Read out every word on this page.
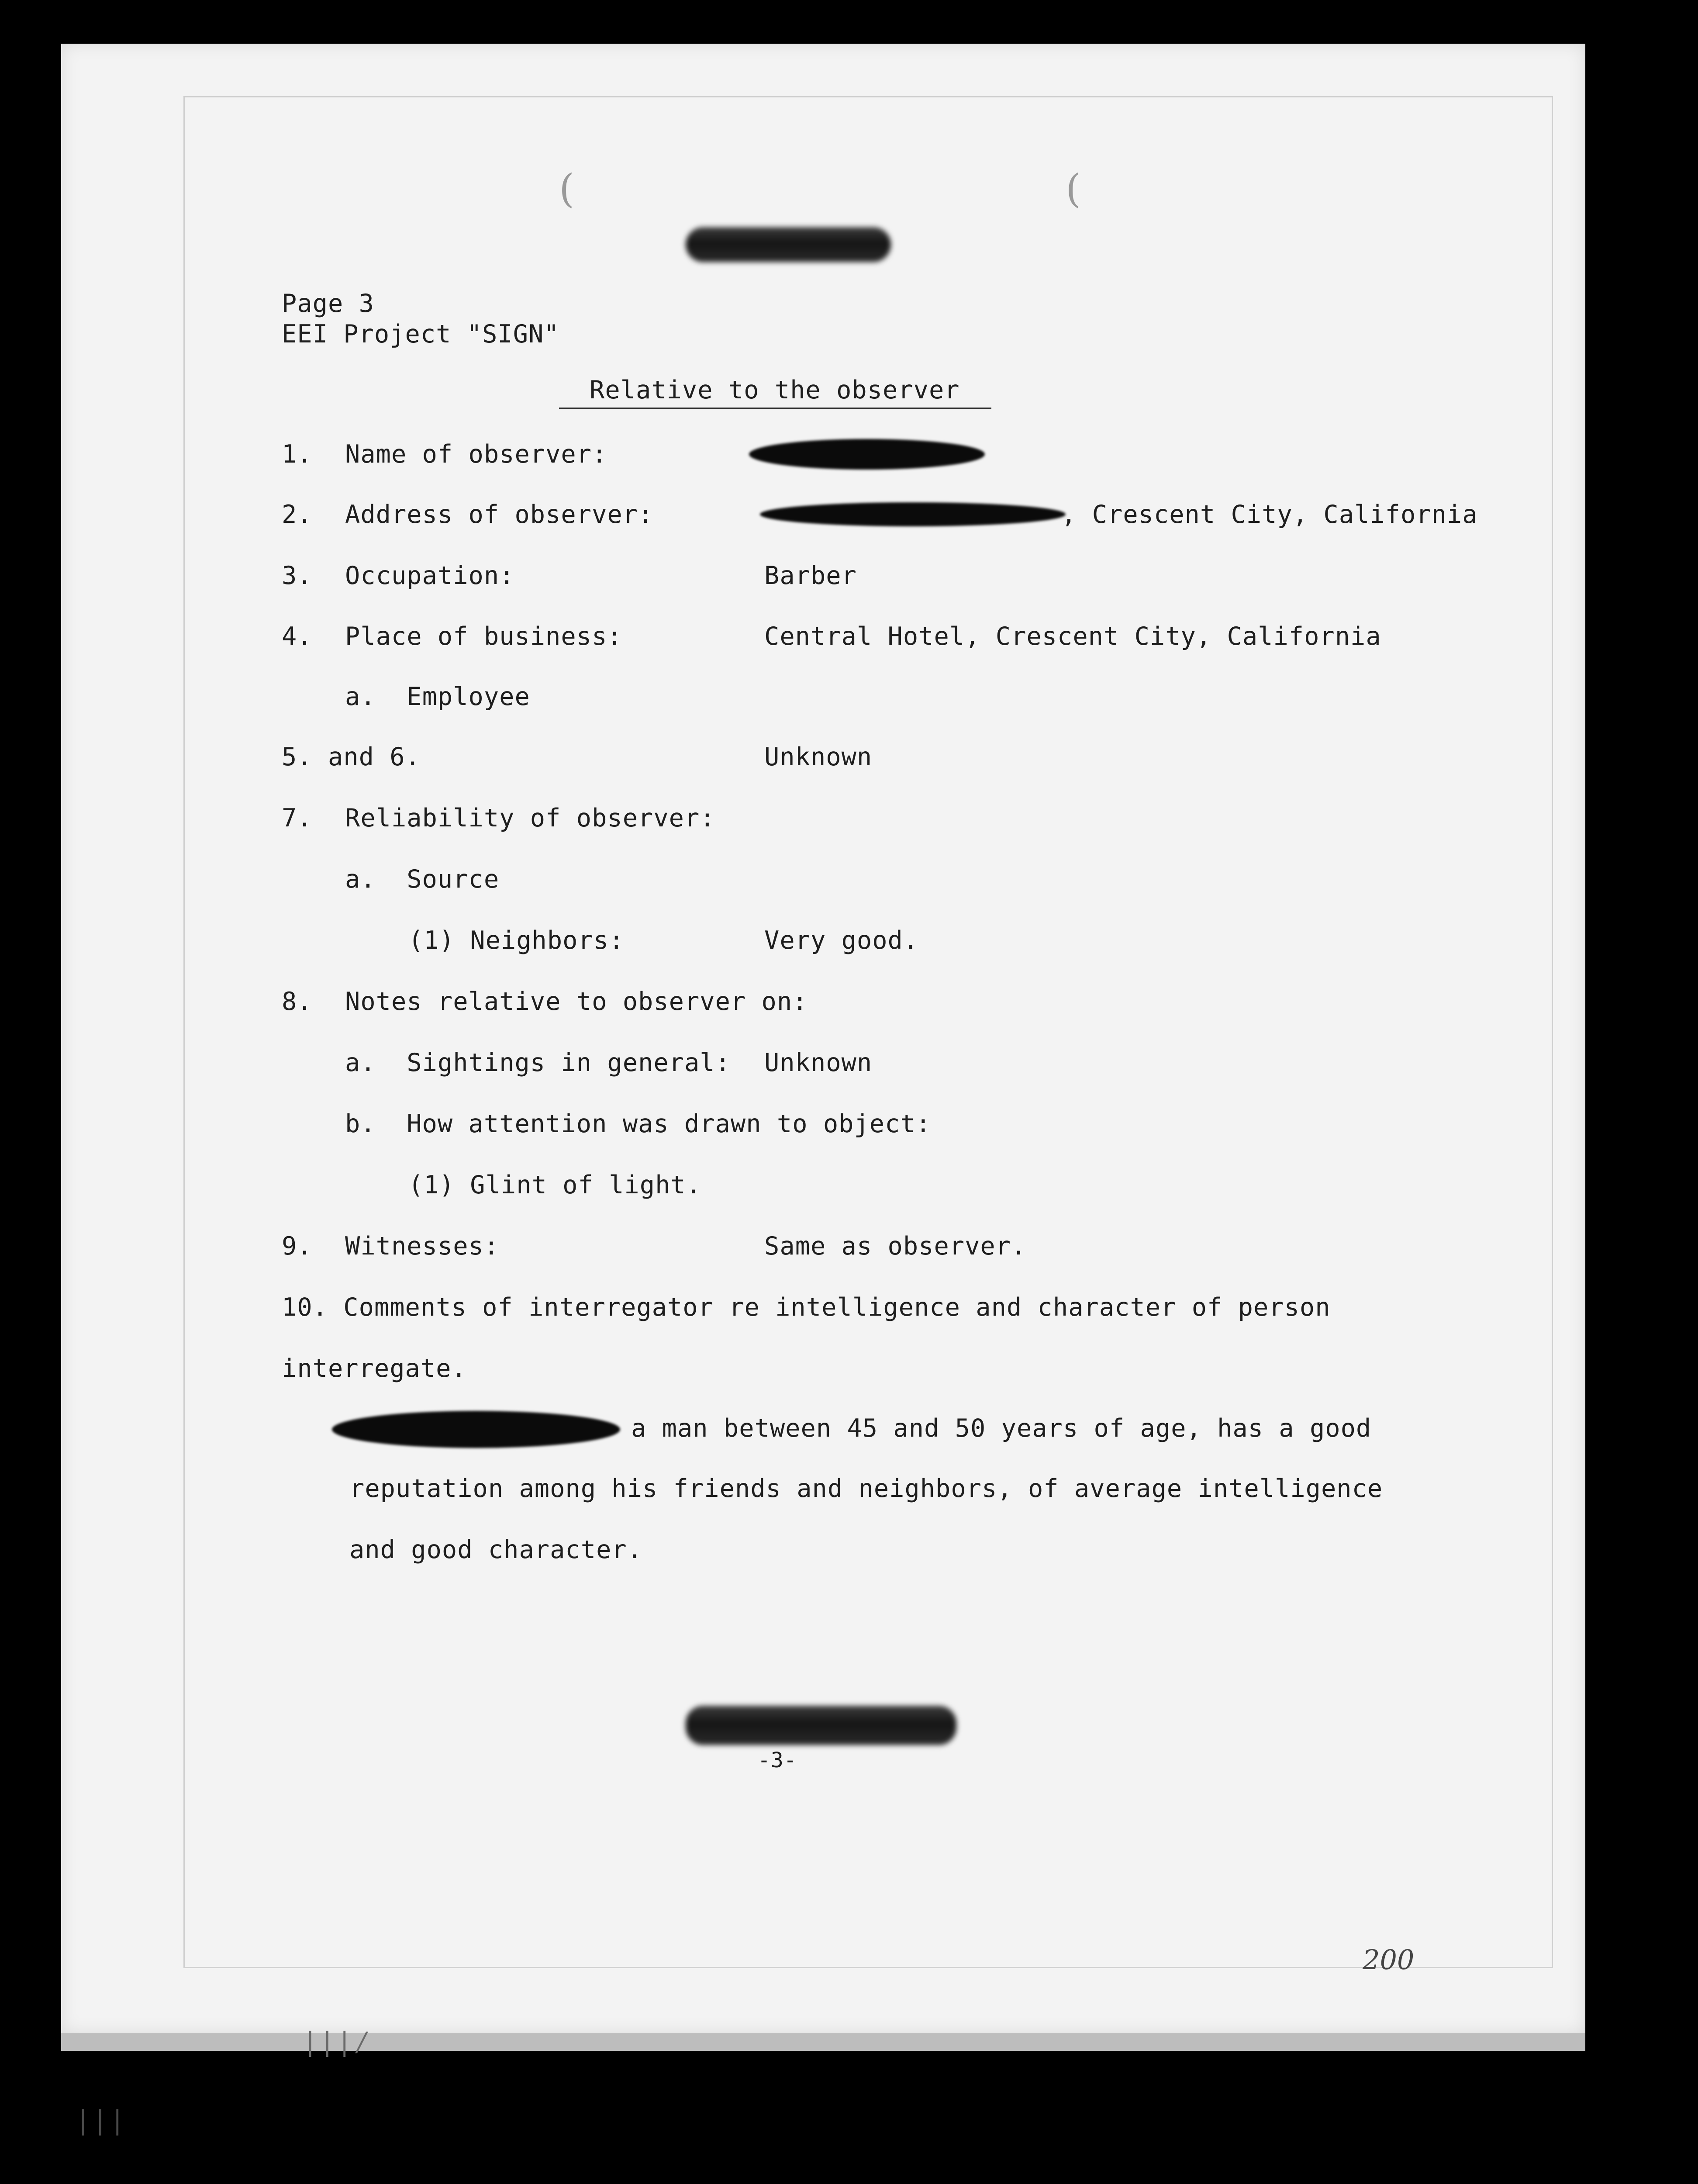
(	(
Page 3
EEI Project "SIGN"
Relative to the observer
1. Name of observer:
2. Address of observer:	, Crescent City, California
3. Occupation:	Barber
4. Place of business:	Central Hotel, Crescent City, California
a.  Employee
5. and 6.	Unknown
7. Reliability of observer:
a.  Source
(1) Neighbors:	Very good.
8. Notes relative to observer on:
a.  Sightings in general: Unknown
b.  How attention was drawn to object:
(1) Glint of light.
9. Witnesses:	Same as observer.
10. Comments of interregator re intelligence and character of person
interregate.
a man between 45 and 50 years of age, has a good
reputation among his friends and neighbors, of average intelligence
and good character.
-3-
200
| | | /
| | |
